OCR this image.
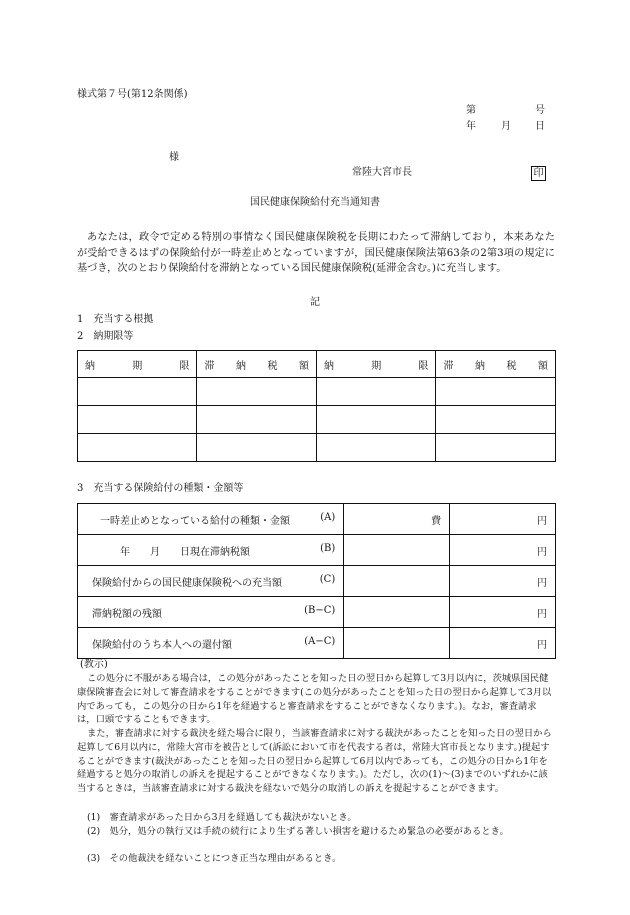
様式第７号(第12条関係)
第	号
年	月 日
様
常陸大宮市長	印
国民健康保険給付充当通知書
あなたは，政令で定める特別の事情なく国民健康保険税を長期にわたって滞納しており，本来あなたが受給できるはずの保険給付が一時差止めとなっていますが，国民健康保険法第63条の2第3項の規定に基づき，次のとおり保険給付を滞納となっている国民健康保険税(延滞金含む。)に充当します。
記
1　充当する根拠
2　納期限等
納 期 限	滞 納 税 額	納 期 限	滞 納 税 額

3　充当する保険給付の種類・金額等
一時差止めとなっている給付の種類・金額 (A)	費	円

年　　月　　日現在滞納税額 (B)		円

保険給付からの国民健康保険税への充当額 (C)		円

滞納税額の残額 (B−C)		円

保険給付のうち本人への還付額 (A−C)		円
(教示)
この処分に不服がある場合は，この処分があったことを知った日の翌日から起算して3月以内に，茨城県国民健康保険審査会に対して審査請求をすることができます(この処分があったことを知った日の翌日から起算して3月以内であっても，この処分の日から1年を経過すると審査請求をすることができなくなります。)。なお，審査請求は，口頭ですることもできます。
また，審査請求に対する裁決を経た場合に限り，当該審査請求に対する裁決があったことを知った日の翌日から起算して6月以内に，常陸大宮市を被告として(訴訟において市を代表する者は，常陸大宮市長となります。)提起することができます(裁決があったことを知った日の翌日から起算して6月以内であっても，この処分の日から1年を経過すると処分の取消しの訴えを提起することができなくなります。)。ただし，次の(1)〜(3)までのいずれかに該当するときは，当該審査請求に対する裁決を経ないで処分の取消しの訴えを提起することができます。
(1)　審査請求があった日から3月を経過しても裁決がないとき。
(2)　処分，処分の執行又は手続の続行により生ずる著しい損害を避けるため緊急の必要があるとき。
(3)　その他裁決を経ないことにつき正当な理由があるとき。
